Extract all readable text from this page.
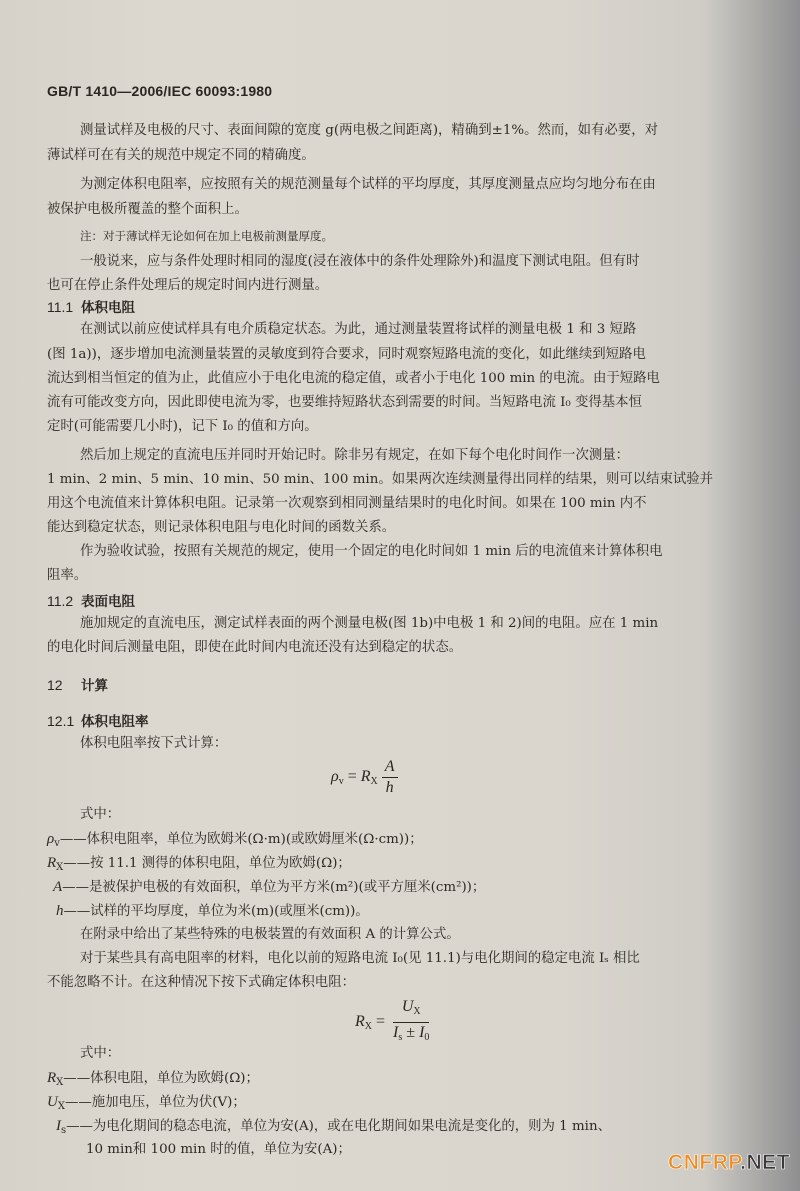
GB/T 1410—2006/IEC 60093:1980
测量试样及电极的尺寸、表面间隙的宽度 g(两电极之间距离)，精确到±1%。然而，如有必要，对
薄试样可在有关的规范中规定不同的精确度。
为测定体积电阻率，应按照有关的规范测量每个试样的平均厚度，其厚度测量点应均匀地分布在由
被保护电极所覆盖的整个面积上。
注：对于薄试样无论如何在加上电极前测量厚度。
一般说来，应与条件处理时相同的湿度(浸在液体中的条件处理除外)和温度下测试电阻。但有时
也可在停止条件处理后的规定时间内进行测量。
11.1 体积电阻
在测试以前应使试样具有电介质稳定状态。为此，通过测量装置将试样的测量电极 1 和 3 短路
(图 1a))，逐步增加电流测量装置的灵敏度到符合要求，同时观察短路电流的变化，如此继续到短路电
流达到相当恒定的值为止，此值应小于电化电流的稳定值，或者小于电化 100 min 的电流。由于短路电
流有可能改变方向，因此即使电流为零，也要维持短路状态到需要的时间。当短路电流 I₀ 变得基本恒
定时(可能需要几小时)，记下 I₀ 的值和方向。
然后加上规定的直流电压并同时开始记时。除非另有规定，在如下每个电化时间作一次测量：
1 min、2 min、5 min、10 min、50 min、100 min。如果两次连续测量得出同样的结果，则可以结束试验并
用这个电流值来计算体积电阻。记录第一次观察到相同测量结果时的电化时间。如果在 100 min 内不
能达到稳定状态，则记录体积电阻与电化时间的函数关系。
作为验收试验，按照有关规范的规定，使用一个固定的电化时间如 1 min 后的电流值来计算体积电
阻率。
11.2 表面电阻
施加规定的直流电压，测定试样表面的两个测量电极(图 1b)中电极 1 和 2)间的电阻。应在 1 min
的电化时间后测量电阻，即使在此时间内电流还没有达到稳定的状态。
12 计算
12.1 体积电阻率
体积电阻率按下式计算：
$\rho_v = R_X \frac{A}{h}$
式中：
$\rho_v——$体积电阻率，单位为欧姆米(Ω·m)(或欧姆厘米(Ω·cm))；
$R_X——$按 11.1 测得的体积电阻，单位为欧姆(Ω)；
A——是被保护电极的有效面积，单位为平方米(m²)(或平方厘米(cm²))；
h——试样的平均厚度，单位为米(m)(或厘米(cm))。
在附录中给出了某些特殊的电极装置的有效面积 A 的计算公式。
对于某些具有高电阻率的材料，电化以前的短路电流 I₀(见 11.1)与电化期间的稳定电流 Iₛ 相比
不能忽略不计。在这种情况下按下式确定体积电阻：
$R_X = \frac{U_X}{I_s \pm I_0}$
式中：
$R_X——$体积电阻，单位为欧姆(Ω)；
$U_X——$施加电压，单位为伏(V)；
$I_s——$为电化期间的稳态电流，单位为安(A)，或在电化期间如果电流是变化的，则为 1 min、
10 min和 100 min 时的值，单位为安(A)；
CNFRP.NET
